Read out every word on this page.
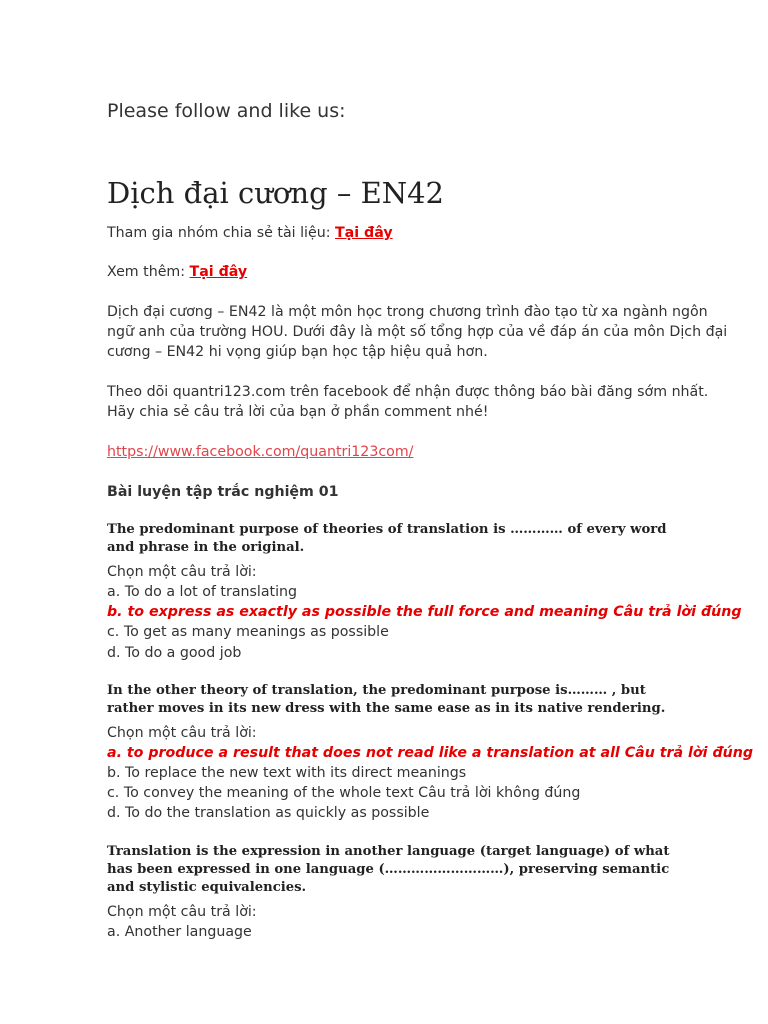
Please follow and like us:
Dịch đại cương – EN42
Tham gia nhóm chia sẻ tài liệu: Tại đây
Xem thêm: Tại đây
Dịch đại cương – EN42 là một môn học trong chương trình đào tạo từ xa ngành ngôn
ngữ anh của trường HOU. Dưới đây là một số tổng hợp của về đáp án của môn Dịch đại
cương – EN42 hi vọng giúp bạn học tập hiệu quả hơn.
Theo dõi quantri123.com trên facebook để nhận được thông báo bài đăng sớm nhất.
Hãy chia sẻ câu trả lời của bạn ở phần comment nhé!
https://www.facebook.com/quantri123com/
Bài luyện tập trắc nghiệm 01
The predominant purpose of theories of translation is ………… of every word and phrase in the original.
Chọn một câu trả lời:
a. To do a lot of translating
b. to express as exactly as possible the full force and meaning Câu trả lời đúng
c. To get as many meanings as possible
d. To do a good job
In the other theory of translation, the predominant purpose is……… , but rather moves in its new dress with the same ease as in its native rendering.
Chọn một câu trả lời:
a. to produce a result that does not read like a translation at all Câu trả lời đúng
b. To replace the new text with its direct meanings
c. To convey the meaning of the whole text Câu trả lời không đúng
d. To do the translation as quickly as possible
Translation is the expression in another language (target language) of what has been expressed in one language (………………………), preserving semantic and stylistic equivalencies.
Chọn một câu trả lời:
a. Another language
